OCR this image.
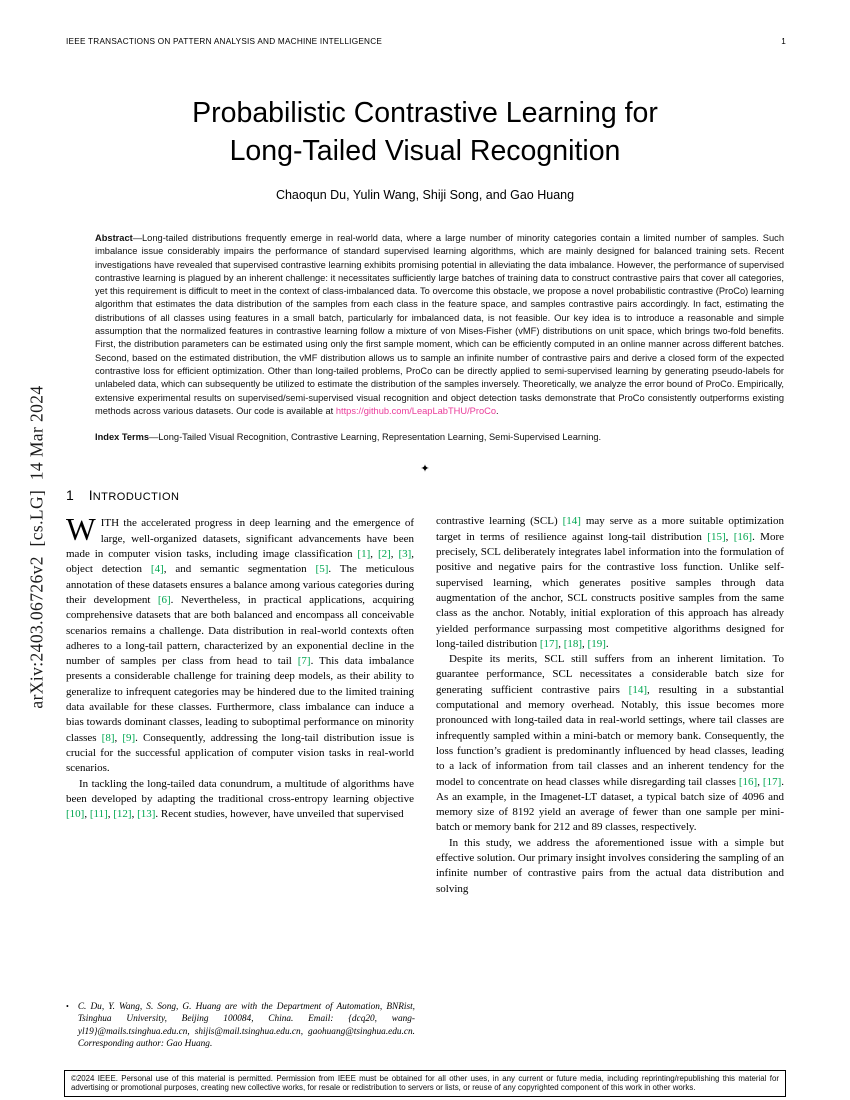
IEEE TRANSACTIONS ON PATTERN ANALYSIS AND MACHINE INTELLIGENCE	1
arXiv:2403.06726v2  [cs.LG]  14 Mar 2024
Probabilistic Contrastive Learning for
Long-Tailed Visual Recognition
Chaoqun Du, Yulin Wang, Shiji Song, and Gao Huang
Abstract—Long-tailed distributions frequently emerge in real-world data, where a large number of minority categories contain a limited number of samples. Such imbalance issue considerably impairs the performance of standard supervised learning algorithms, which are mainly designed for balanced training sets. Recent investigations have revealed that supervised contrastive learning exhibits promising potential in alleviating the data imbalance. However, the performance of supervised contrastive learning is plagued by an inherent challenge: it necessitates sufficiently large batches of training data to construct contrastive pairs that cover all categories, yet this requirement is difficult to meet in the context of class-imbalanced data. To overcome this obstacle, we propose a novel probabilistic contrastive (ProCo) learning algorithm that estimates the data distribution of the samples from each class in the feature space, and samples contrastive pairs accordingly. In fact, estimating the distributions of all classes using features in a small batch, particularly for imbalanced data, is not feasible. Our key idea is to introduce a reasonable and simple assumption that the normalized features in contrastive learning follow a mixture of von Mises-Fisher (vMF) distributions on unit space, which brings two-fold benefits. First, the distribution parameters can be estimated using only the first sample moment, which can be efficiently computed in an online manner across different batches. Second, based on the estimated distribution, the vMF distribution allows us to sample an infinite number of contrastive pairs and derive a closed form of the expected contrastive loss for efficient optimization. Other than long-tailed problems, ProCo can be directly applied to semi-supervised learning by generating pseudo-labels for unlabeled data, which can subsequently be utilized to estimate the distribution of the samples inversely. Theoretically, we analyze the error bound of ProCo. Empirically, extensive experimental results on supervised/semi-supervised visual recognition and object detection tasks demonstrate that ProCo consistently outperforms existing methods across various datasets. Our code is available at https://github.com/LeapLabTHU/ProCo.
Index Terms—Long-Tailed Visual Recognition, Contrastive Learning, Representation Learning, Semi-Supervised Learning.
✦
1 INTRODUCTION

WITH the accelerated progress in deep learning and the emergence of large, well-organized datasets, significant advancements have been made in computer vision tasks, including image classification [1], [2], [3], object detection [4], and semantic segmentation [5]. The meticulous annotation of these datasets ensures a balance among various categories during their development [6]. Nevertheless, in practical applications, acquiring comprehensive datasets that are both balanced and encompass all conceivable scenarios remains a challenge. Data distribution in real-world contexts often adheres to a long-tail pattern, characterized by an exponential decline in the number of samples per class from head to tail [7]. This data imbalance presents a considerable challenge for training deep models, as their ability to generalize to infrequent categories may be hindered due to the limited training data available for these classes. Furthermore, class imbalance can induce a bias towards dominant classes, leading to suboptimal performance on minority classes [8], [9]. Consequently, addressing the long-tail distribution issue is crucial for the successful application of computer vision tasks in real-world scenarios.

In tackling the long-tailed data conundrum, a multitude of algorithms have been developed by adapting the traditional cross-entropy learning objective [10], [11], [12], [13]. Recent studies, however, have unveiled that supervised

contrastive learning (SCL) [14] may serve as a more suitable optimization target in terms of resilience against long-tail distribution [15], [16]. More precisely, SCL deliberately integrates label information into the formulation of positive and negative pairs for the contrastive loss function. Unlike self-supervised learning, which generates positive samples through data augmentation of the anchor, SCL constructs positive samples from the same class as the anchor. Notably, initial exploration of this approach has already yielded performance surpassing most competitive algorithms designed for long-tailed distribution [17], [18], [19].

Despite its merits, SCL still suffers from an inherent limitation. To guarantee performance, SCL necessitates a considerable batch size for generating sufficient contrastive pairs [14], resulting in a substantial computational and memory overhead. Notably, this issue becomes more pronounced with long-tailed data in real-world settings, where tail classes are infrequently sampled within a mini-batch or memory bank. Consequently, the loss function’s gradient is predominantly influenced by head classes, leading to a lack of information from tail classes and an inherent tendency for the model to concentrate on head classes while disregarding tail classes [16], [17]. As an example, in the Imagenet-LT dataset, a typical batch size of 4096 and memory size of 8192 yield an average of fewer than one sample per mini-batch or memory bank for 212 and 89 classes, respectively.

In this study, we address the aforementioned issue with a simple but effective solution. Our primary insight involves considering the sampling of an infinite number of contrastive pairs from the actual data distribution and solving

• C. Du, Y. Wang, S. Song, G. Huang are with the Department of Automation, BNRist, Tsinghua University, Beijing 100084, China. Email: {dcq20, wang-yl19}@mails.tsinghua.edu.cn, shijis@mail.tsinghua.edu.cn, gaohuang@tsinghua.edu.cn. Corresponding author: Gao Huang.
©2024 IEEE. Personal use of this material is permitted. Permission from IEEE must be obtained for all other uses, in any current or future media, including reprinting/republishing this material for advertising or promotional purposes, creating new collective works, for resale or redistribution to servers or lists, or reuse of any copyrighted component of this work in other works.
